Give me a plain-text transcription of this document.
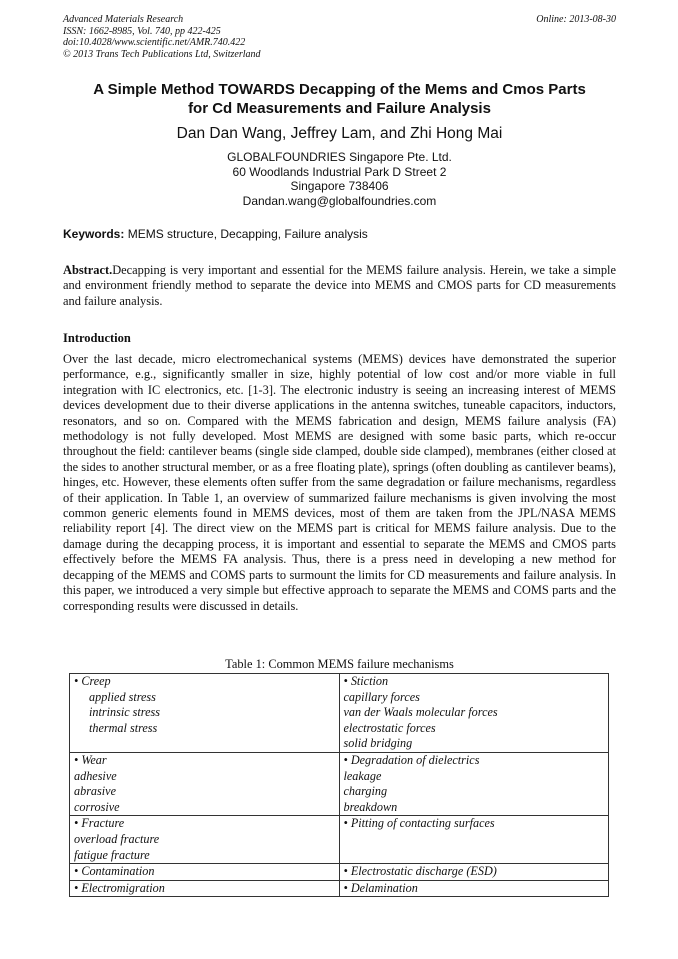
Advanced Materials Research
ISSN: 1662-8985, Vol. 740, pp 422-425
doi:10.4028/www.scientific.net/AMR.740.422
© 2013 Trans Tech Publications Ltd, Switzerland
Online: 2013-08-30
A Simple Method TOWARDS Decapping of the Mems and Cmos Parts
for Cd Measurements and Failure Analysis
Dan Dan Wang, Jeffrey Lam, and Zhi Hong Mai
GLOBALFOUNDRIES Singapore Pte. Ltd.
60 Woodlands Industrial Park D Street 2
Singapore 738406
Dandan.wang@globalfoundries.com
Keywords: MEMS structure, Decapping, Failure analysis
Abstract.Decapping is very important and essential for the MEMS failure analysis. Herein, we take a simple and environment friendly method to separate the device into MEMS and CMOS parts for CD measurements and failure analysis.
Introduction
Over the last decade, micro electromechanical systems (MEMS) devices have demonstrated the superior performance, e.g., significantly smaller in size, highly potential of low cost and/or more viable in full integration with IC electronics, etc. [1-3]. The electronic industry is seeing an increasing interest of MEMS devices development due to their diverse applications in the antenna switches, tuneable capacitors, inductors, resonators, and so on. Compared with the MEMS fabrication and design, MEMS failure analysis (FA) methodology is not fully developed. Most MEMS are designed with some basic parts, which re-occur throughout the field: cantilever beams (single side clamped, double side clamped), membranes (either closed at the sides to another structural member, or as a free floating plate), springs (often doubling as cantilever beams), hinges, etc. However, these elements often suffer from the same degradation or failure mechanisms, regardless of their application. In Table 1, an overview of summarized failure mechanisms is given involving the most common generic elements found in MEMS devices, most of them are taken from the JPL/NASA MEMS reliability report [4]. The direct view on the MEMS part is critical for MEMS failure analysis. Due to the damage during the decapping process, it is important and essential to separate the MEMS and CMOS parts effectively before the MEMS FA analysis. Thus, there is a press need in developing a new method for decapping of the MEMS and COMS parts to surmount the limits for CD measurements and failure analysis. In this paper, we introduced a very simple but effective approach to separate the MEMS and COMS parts and the corresponding results were discussed in details.
Table 1: Common MEMS failure mechanisms
• Creep
applied stress
intrinsic stress
thermal stress	• Stiction
capillary forces
van der Waals molecular forces
electrostatic forces
solid bridging

• Wear
adhesive
abrasive
corrosive	• Degradation of dielectrics
leakage
charging
breakdown

• Fracture
overload fracture
fatigue fracture	• Pitting of contacting surfaces

• Contamination	• Electrostatic discharge (ESD)

• Electromigration	• Delamination
